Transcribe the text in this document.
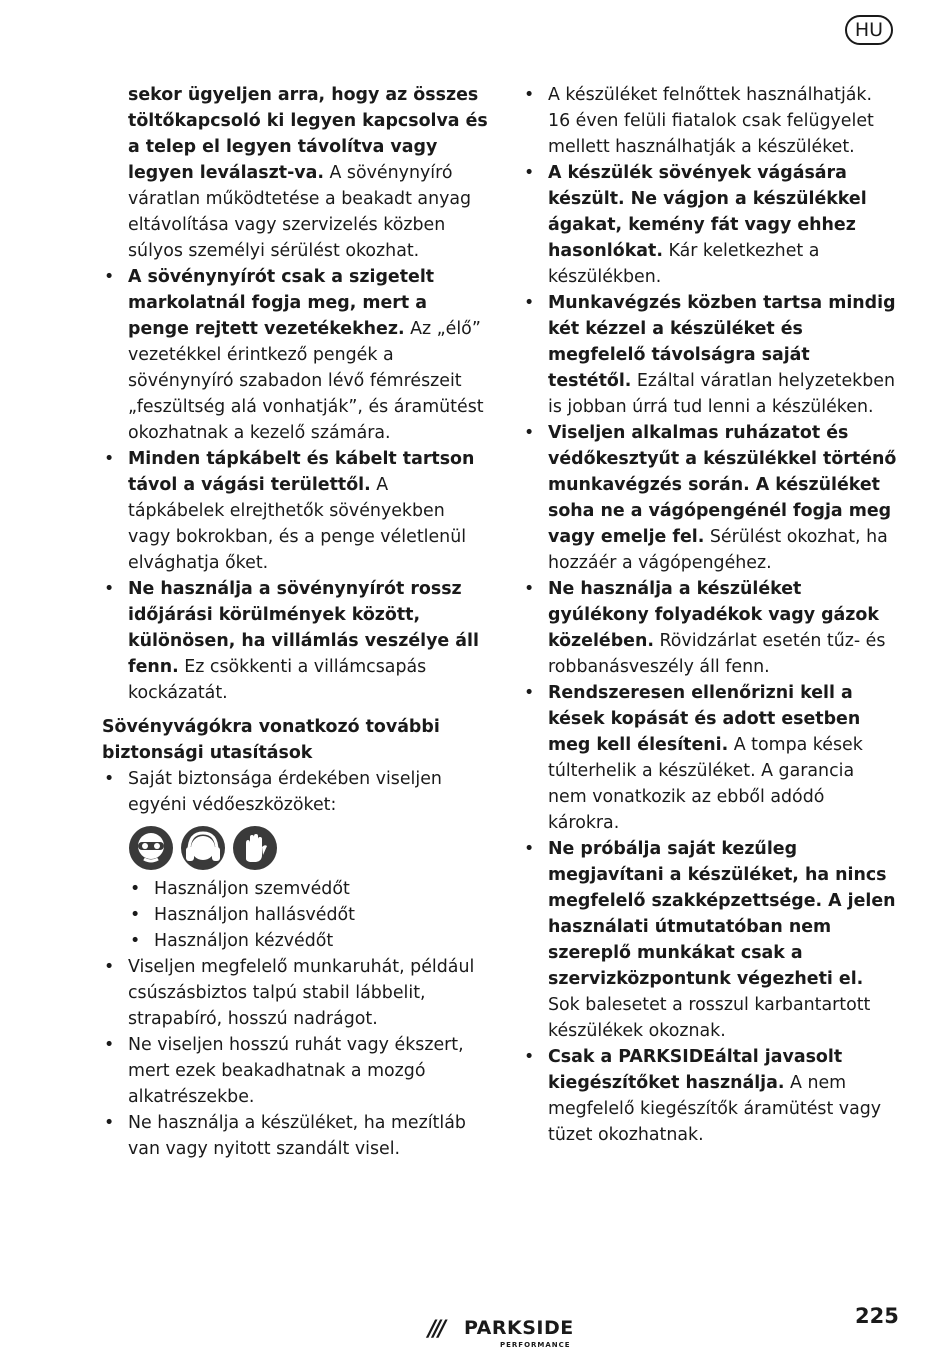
HU

sekor ügyeljen arra, hogy az összes töltőkapcsoló ki legyen kapcsolva és a telep el legyen távolítva vagy legyen leválaszt-va. A sövénynyíró váratlan működtetése a beakadt anyag eltávolítása vagy szervizelés közben súlyos személyi sérülést okozhat.

• A sövénynyírót csak a szigetelt markolatnál fogja meg, mert a penge rejtett vezetékekhez. Az „élő” vezetékkel érintkező pengék a sövénynyíró szabadon lévő fémrészeit „feszültség alá vonhatják”, és áramütést okozhatnak a kezelő számára.

• Minden tápkábelt és kábelt tartson távol a vágási területtől. A tápkábelek elrejthetők sövényekben vagy bokrokban, és a penge véletlenül elvághatja őket.

• Ne használja a sövénynyírót rossz időjárási körülmények között, különösen, ha villámlás veszélye áll fenn. Ez csökkenti a villámcsapás kockázatát.

Sövényvágókra vonatkozó további biztonsági utasítások

• Saját biztonsága érdekében viseljen egyéni védőeszközöket:

• Használjon szemvédőt

• Használjon hallásvédőt

• Használjon kézvédőt

• Viseljen megfelelő munkaruhát, például csúszásbiztos talpú stabil lábbelit, strapabíró, hosszú nadrágot.

• Ne viseljen hosszú ruhát vagy ékszert, mert ezek beakadhatnak a mozgó alkatrészekbe.

• Ne használja a készüléket, ha mezítláb van vagy nyitott szandált visel.

• A készüléket felnőttek használhatják. 16 éven felüli fiatalok csak felügyelet mellett használhatják a készüléket.

• A készülék sövények vágására készült. Ne vágjon a készülékkel ágakat, kemény fát vagy ehhez hasonlókat. Kár keletkezhet a készülékben.

• Munkavégzés közben tartsa mindig két kézzel a készüléket és megfelelő távolságra saját testétől. Ezáltal váratlan helyzetekben is jobban úrrá tud lenni a készüléken.

• Viseljen alkalmas ruházatot és védőkesztyűt a készülékkel történő munkavégzés során. A készüléket soha ne a vágópengénél fogja meg vagy emelje fel. Sérülést okozhat, ha hozzáér a vágópengéhez.

• Ne használja a készüléket gyúlékony folyadékok vagy gázok közelében. Rövidzárlat esetén tűz- és robbanásveszély áll fenn.

• Rendszeresen ellenőrizni kell a kések kopását és adott esetben meg kell élesíteni. A tompa kések túlterhelik a készüléket. A garancia nem vonatkozik az ebből adódó károkra.

• Ne próbálja saját kezűleg megjavítani a készüléket, ha nincs megfelelő szakképzettsége. A jelen használati útmutatóban nem szereplő munkákat csak a szervizközpontunk végezheti el. Sok balesetet a rosszul karbantartott készülékek okoznak.

• Csak a PARKSIDEáltal javasolt kiegészítőket használja. A nem megfelelő kiegészítők áramütést vagy tüzet okozhatnak.

/// PARKSIDE
PERFORMANCE
225
